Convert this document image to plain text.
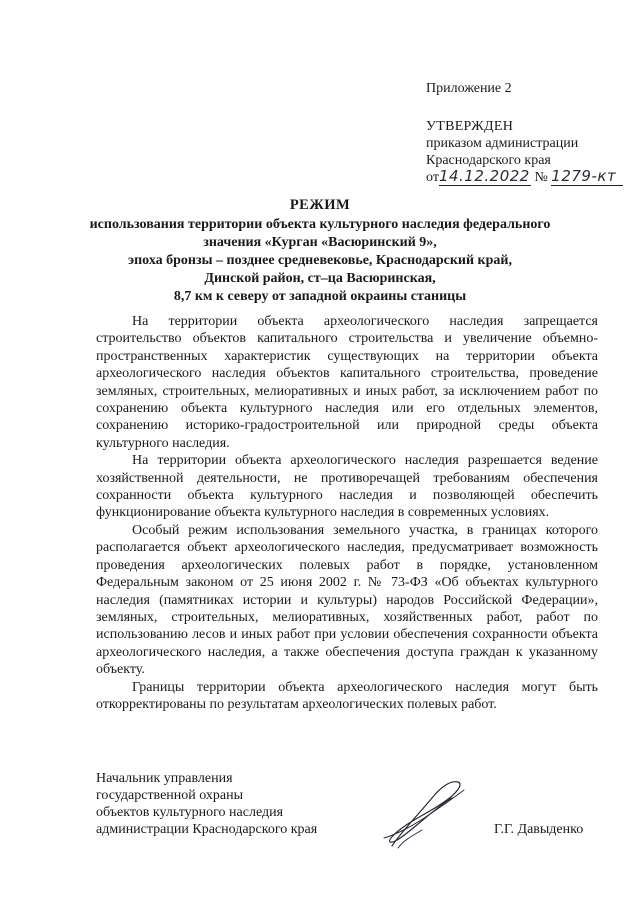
Приложение 2
УТВЕРЖДЕН
приказом администрации
Краснодарского края
от14.12.2022 № 1279-кт
РЕЖИМ
использования территории объекта культурного наследия федерального
значения «Курган «Васюринский 9»,
эпоха бронзы – позднее средневековье, Краснодарский край,
Динской район, ст–ца Васюринская,
8,7 км к северу от западной окраины станицы

На территории объекта археологического наследия запрещается строительство объектов капитального строительства и увеличение объемно-пространственных характеристик существующих на территории объекта археологического наследия объектов капитального строительства, проведение земляных, строительных, мелиоративных и иных работ, за исключением работ по сохранению объекта культурного наследия или его отдельных элементов, сохранению историко-градостроительной или природной среды объекта культурного наследия.

На территории объекта археологического наследия разрешается ведение хозяйственной деятельности, не противоречащей требованиям обеспечения сохранности объекта культурного наследия и позволяющей обеспечить функционирование объекта культурного наследия в современных условиях.

Особый режим использования земельного участка, в границах которого располагается объект археологического наследия, предусматривает возможность проведения археологических полевых работ в порядке, установленном Федеральным законом от 25 июня 2002 г. № 73-ФЗ «Об объектах культурного наследия (памятниках истории и культуры) народов Российской Федерации», земляных, строительных, мелиоративных, хозяйственных работ, работ по использованию лесов и иных работ при условии обеспечения сохранности объекта археологического наследия, а также обеспечения доступа граждан к указанному объекту.

Границы территории объекта археологического наследия могут быть откорректированы по результатам археологических полевых работ.

Начальник управления
государственной охраны
объектов культурного наследия
администрации Краснодарского края	Г.Г. Давыденко
